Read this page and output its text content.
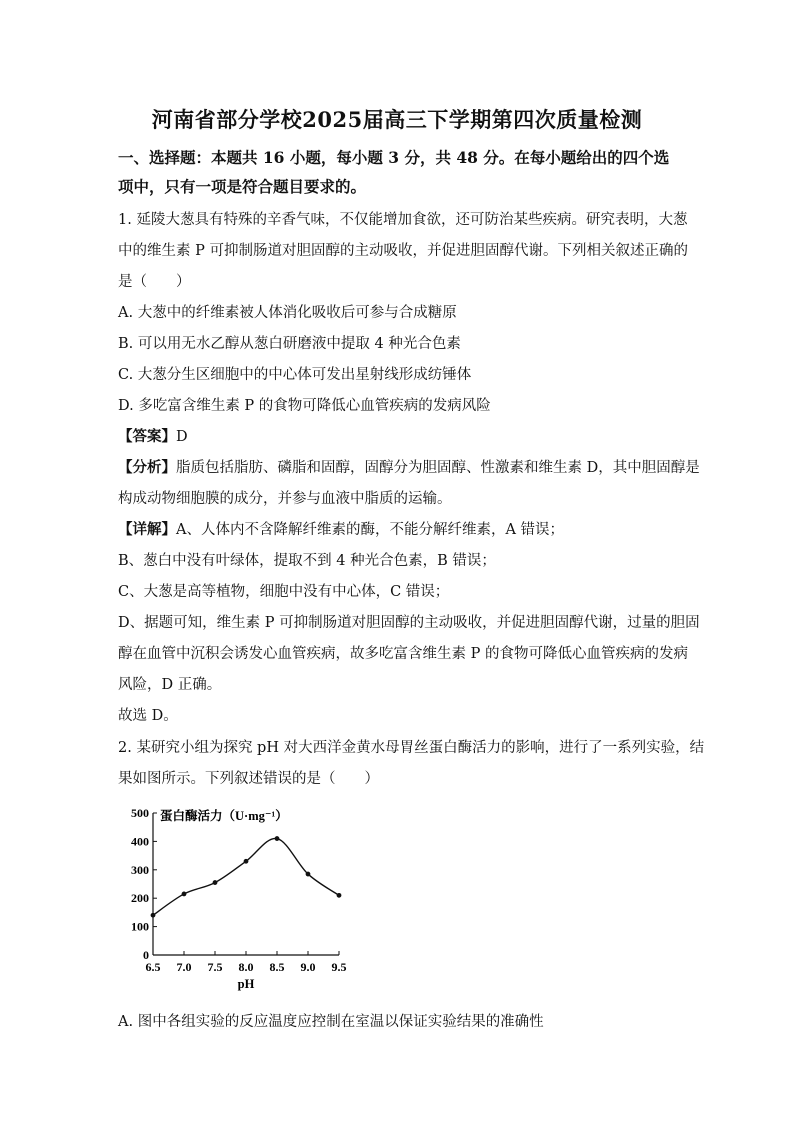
河南省部分学校2025届高三下学期第四次质量检测
一、选择题：本题共 16 小题，每小题 3 分，共 48 分。在每小题给出的四个选
项中，只有一项是符合题目要求的。
1. 延陵大葱具有特殊的辛香气味，不仅能增加食欲，还可防治某些疾病。研究表明，大葱
中的维生素 P 可抑制肠道对胆固醇的主动吸收，并促进胆固醇代谢。下列相关叙述正确的
是（　　）
A. 大葱中的纤维素被人体消化吸收后可参与合成糖原
B. 可以用无水乙醇从葱白研磨液中提取 4 种光合色素
C. 大葱分生区细胞中的中心体可发出星射线形成纺锤体
D. 多吃富含维生素 P 的食物可降低心血管疾病的发病风险
【答案】D
【分析】脂质包括脂肪、磷脂和固醇，固醇分为胆固醇、性激素和维生素 D，其中胆固醇是
构成动物细胞膜的成分，并参与血液中脂质的运输。
【详解】A、人体内不含降解纤维素的酶，不能分解纤维素，A 错误；
B、葱白中没有叶绿体，提取不到 4 种光合色素，B 错误；
C、大葱是高等植物，细胞中没有中心体，C 错误；
D、据题可知，维生素 P 可抑制肠道对胆固醇的主动吸收，并促进胆固醇代谢，过量的胆固
醇在血管中沉积会诱发心血管疾病，故多吃富含维生素 P 的食物可降低心血管疾病的发病
风险，D 正确。
故选 D。
2. 某研究小组为探究 pH 对大西洋金黄水母胃丝蛋白酶活力的影响，进行了一系列实验，结
果如图所示。下列叙述错误的是（　　）
0
100
200
300
400
500
6.5 7.0 7.5 8.0 8.5 9.0 9.5
蛋白酶活力（U·mg⁻¹）
pH
A. 图中各组实验的反应温度应控制在室温以保证实验结果的准确性
